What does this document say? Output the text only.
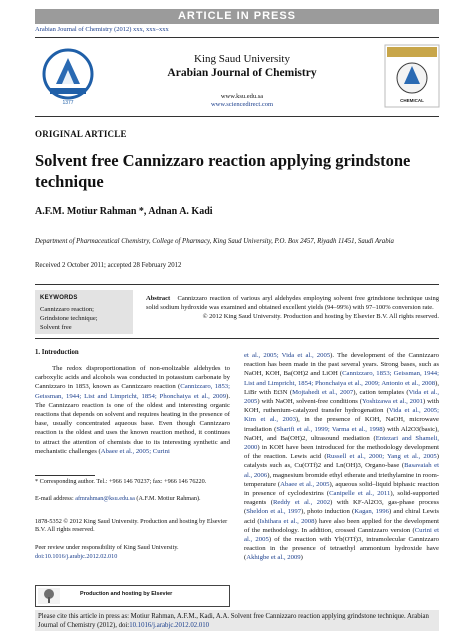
ARTICLE IN PRESS
Arabian Journal of Chemistry (2012) xxx, xxx–xxx
1377
King Saud University
Arabian Journal of Chemistry
www.ksu.edu.sa
www.sciencedirect.com
CHEMICAL
ORIGINAL ARTICLE
Solvent free Cannizzaro reaction applying grindstone technique
A.F.M. Motiur Rahman *, Adnan A. Kadi
Department of Pharmaceutical Chemistry, College of Pharmacy, King Saud University, P.O. Box 2457, Riyadh 11451, Saudi Arabia
Received 2 October 2011; accepted 28 February 2012
KEYWORDS
Cannizzaro reaction;
Grindstone technique;
Solvent free
Abstract Cannizzaro reaction of various aryl aldehydes employing solvent free grindstone technique using solid sodium hydroxide was examined and obtained excellent yields (94–99%) with 97–100% conversion rate.

© 2012 King Saud University. Production and hosting by Elsevier B.V. All rights reserved.
1. Introduction
The redox disproportionation of non-enolizable aldehydes to carboxylic acids and alcohols was conducted in potassium carbonate by Cannizzaro in 1853, known as Cannizzaro reaction (Cannizzaro, 1853; Geissman, 1944; List and Limpricht, 1854; Phonchaiya et al., 2009). The Cannizzaro reaction is one of the oldest and interesting organic reactions that depends on solvent and requires heating in the presence of base, usually concentrated aqueous base. Even though Cannizzaro reaction is the oldest and uses the known reaction method, it continues to attract the attention of chemists due to its interesting synthetic and mechanistic challenges (Abaee et al., 2005; Curini
et al., 2005; Vida et al., 2005). The development of the Cannizzaro reaction has been made in the past several years. Strong bases, such as NaOH, KOH, Ba(OH)2 and LiOH (Cannizzaro, 1853; Geissman, 1944; List and Limpricht, 1854; Phonchaiya et al., 2009; Antonio et al., 2008), LiBr with Et3N (Mojtahedi et al., 2007), cation templates (Vida et al., 2005) with NaOH, solvent-free conditions (Yoshizawa et al., 2001) with KOH, ruthenium-catalyzed transfer hydrogenation (Vida et al., 2005; Kim et al., 2003), in the presence of KOH, NaOH, microwave irradiation (Sharifi et al., 1999; Varma et al., 1998) with Al2O3(basic), NaOH, and Ba(OH)2, ultrasound mediation (Entezari and Shameli, 2000) in KOH have been introduced for the methodology development of the reaction. Lewis acid (Russell et al., 2000; Yang et al., 2005) catalysts such as, Cu(OTf)2 and Ln(OH)3, Organo-base (Basavaiah et al., 2006), magnesium bromide ethyl etherate and triethylamine in room-temperature (Abaee et al., 2005), aqueous solid–liquid biphasic reaction in presence of cyclodextrins (Canipelle et al., 2011), solid-supported reagents (Reddy et al., 2002) with KF-Al2O3, gas-phase process (Sheldon et al., 1997), photo induction (Kagan, 1996) and chiral Lewis acid (Ishihara et al., 2008) have also been applied for the development of the methodology. In addition, crossed Cannizzaro version (Curini et al., 2005) of the reaction with Yb(OTf)3, intramolecular Cannizzaro reaction in the presence of tetraethyl ammonium hydroxide have (Akhigbe et al., 2009)
* Corresponding author. Tel.: +966 146 70237; fax: +966 146 76220.
E-mail address: afmrahman@ksu.edu.sa (A.F.M. Motiur Rahman).
1878-5352 © 2012 King Saud University. Production and hosting by Elsevier B.V. All rights reserved.
Peer review under responsibility of King Saud University.
doi:10.1016/j.arabjc.2012.02.010
Production and hosting by Elsevier
Please cite this article in press as: Motiur Rahman, A.F.M., Kadi, A.A. Solvent free Cannizzaro reaction applying grindstone technique. Arabian Journal of Chemistry (2012), doi:10.1016/j.arabjc.2012.02.010
